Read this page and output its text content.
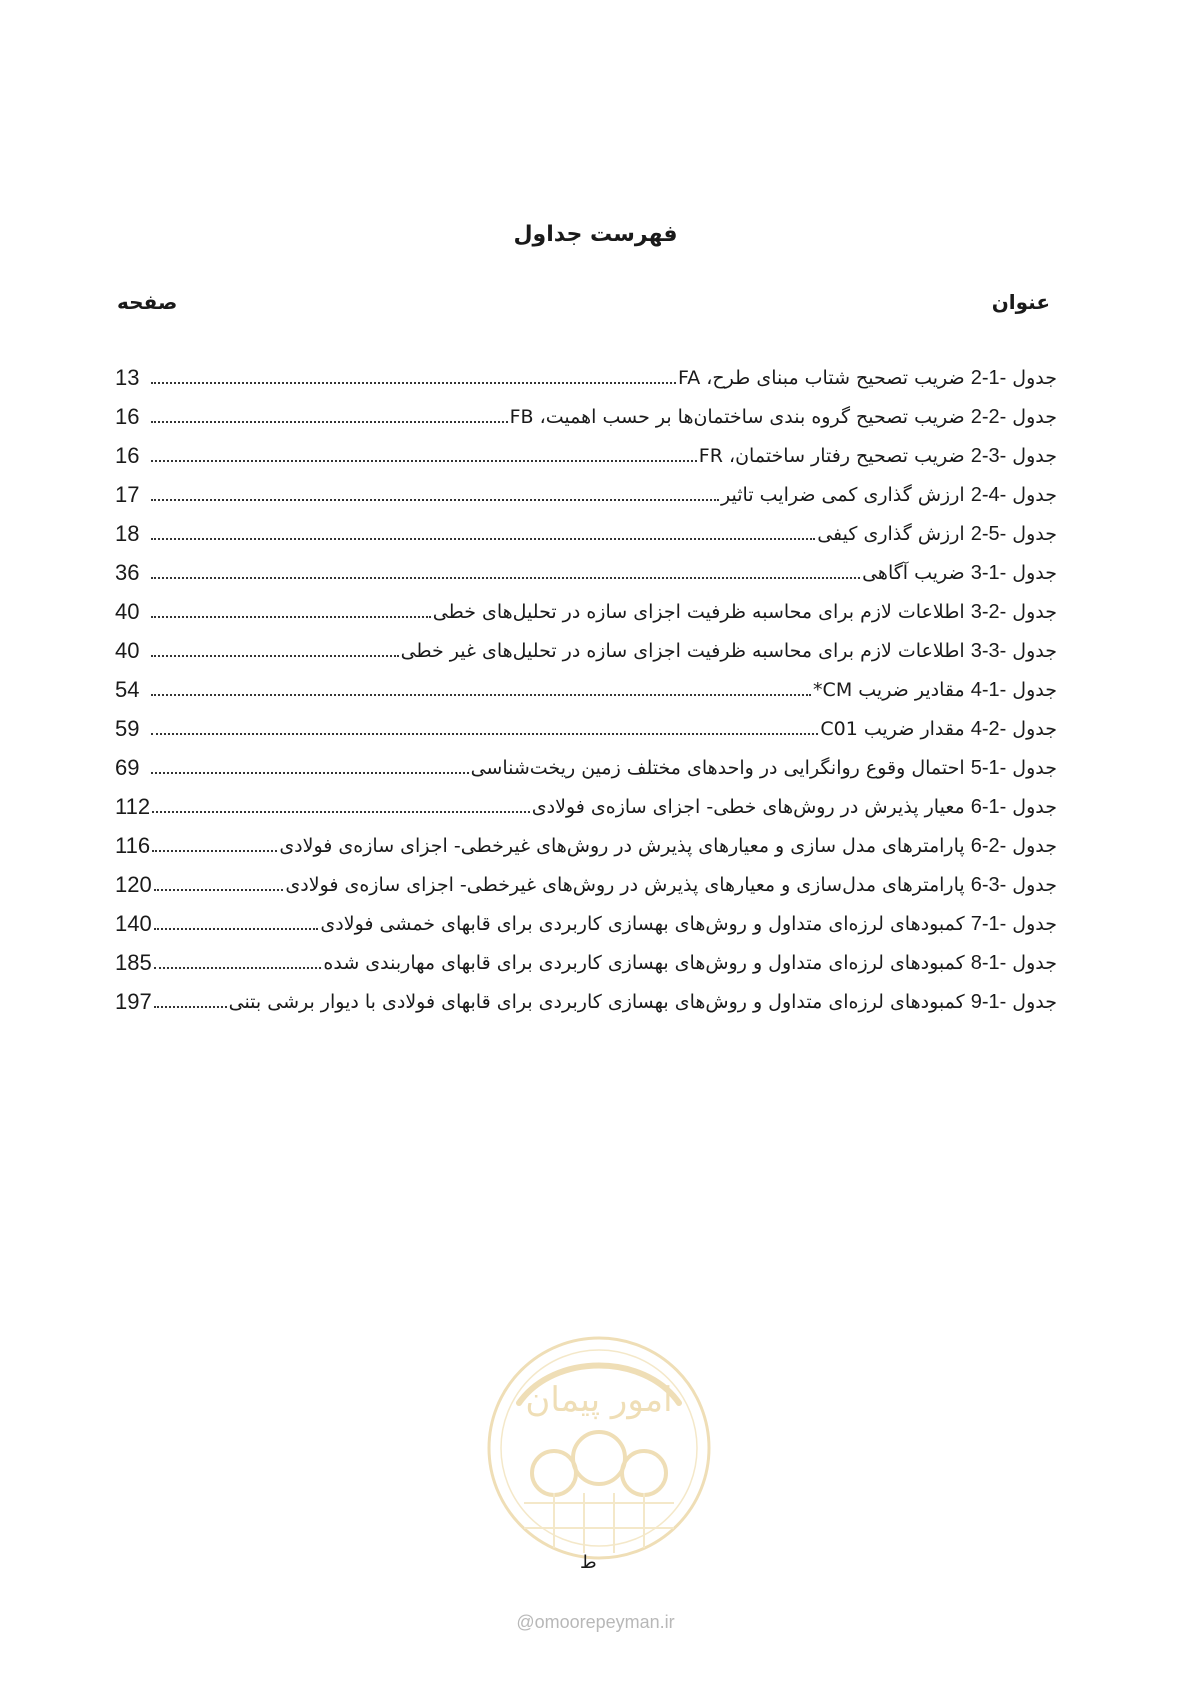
فهرست جداول
عنوان
صفحه
جدول2-1- ضریب تصحیح شتاب مبنای طرح، FA
13
جدول2-2- ضریب تصحیح گروه بندی ساختمان‌ها بر حسب اهمیت، FB
16
جدول2-3- ضریب تصحیح رفتار ساختمان، FR
16
جدول2-4- ارزش گذاری کمی ضرایب تاثیر
17
جدول2-5- ارزش گذاری کیفی
18
جدول3-1- ضریب آگاهی
36
جدول3-2- اطلاعات لازم برای محاسبه ظرفیت اجزای سازه در تحلیل‌های خطی
40
جدول3-3- اطلاعات لازم برای محاسبه ظرفیت اجزای سازه در تحلیل‌های غیر خطی
40
جدول4-1- مقادیر ضریب CM*
54
جدول4-2- مقدار ضریب C01
59
جدول5-1- احتمال وقوع روانگرایی در واحدهای مختلف زمین ریخت‌شناسی
69
جدول6-1- معیار پذیرش در روش‌های خطی- اجزای سازه‌ی فولادی
112
جدول6-2- پارامترهای مدل سازی و معیارهای پذیرش در روش‌های غیرخطی- اجزای سازه‌ی فولادی
116
جدول6-3- پارامترهای مدل‌سازی و معیارهای پذیرش در روش‌های غیرخطی- اجزای سازه‌ی فولادی
120
جدول7-1- کمبودهای لرزه‌ای متداول و روش‌های بهسازی کاربردی برای قابهای خمشی فولادی
140
جدول8-1- کمبودهای لرزه‌ای متداول و روش‌های بهسازی کاربردی برای قابهای مهاربندی شده
185
جدول9-1- کمبودهای لرزه‌ای متداول و روش‌های بهسازی کاربردی برای قابهای فولادی با دیوار برشی بتنی
197
امور پیمان
ط
@omoorepeyman.ir
